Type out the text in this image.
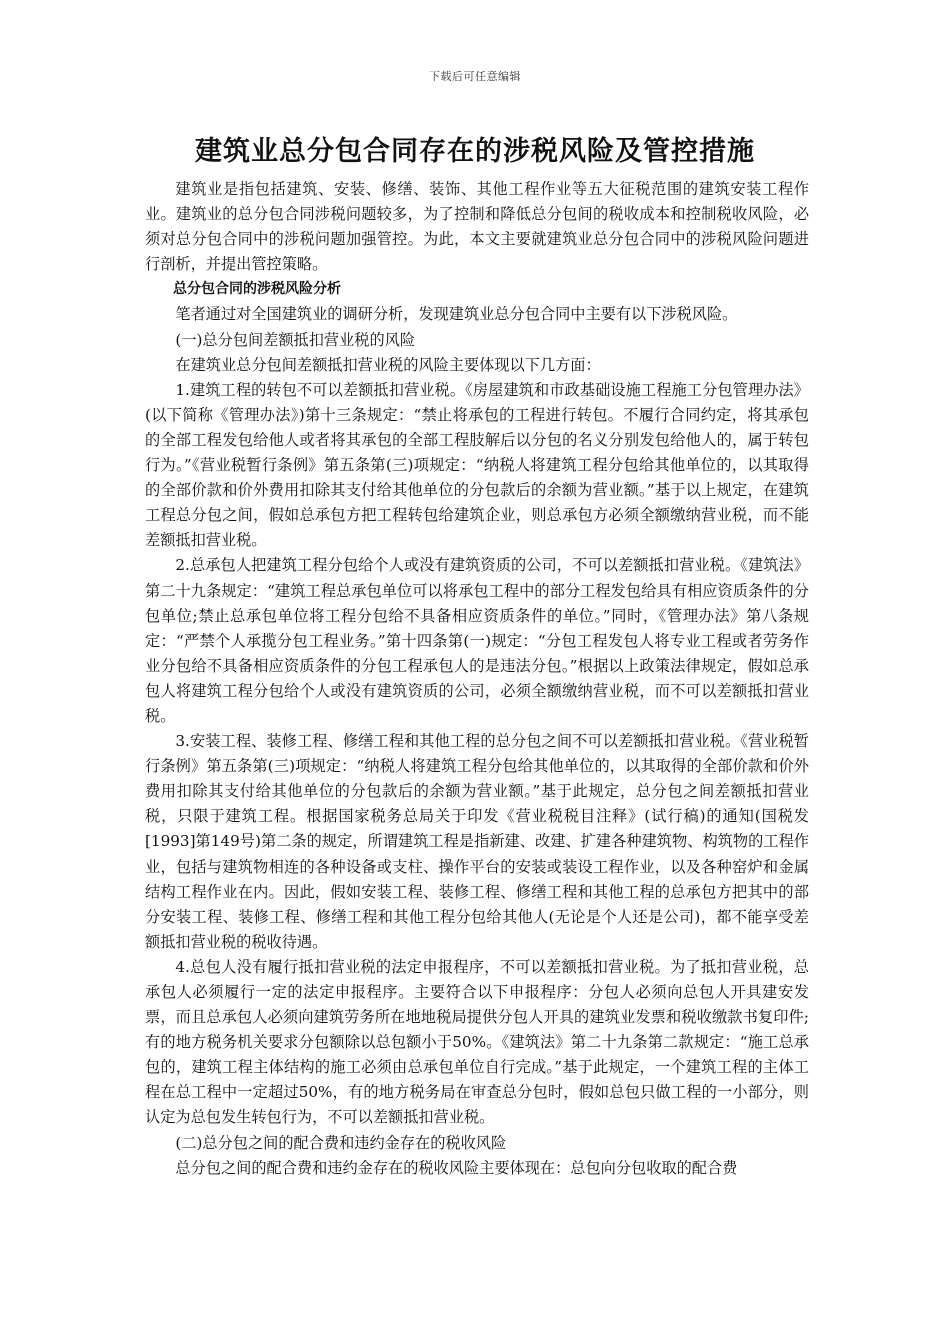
下载后可任意编辑
建筑业总分包合同存在的涉税风险及管控措施

建筑业是指包括建筑、安装、修缮、装饰、其他工程作业等五大征税范围的建筑安装工程作业。建筑业的总分包合同涉税问题较多，为了控制和降低总分包间的税收成本和控制税收风险，必须对总分包合同中的涉税问题加强管控。为此，本文主要就建筑业总分包合同中的涉税风险问题进行剖析，并提出管控策略。

总分包合同的涉税风险分析

笔者通过对全国建筑业的调研分析，发现建筑业总分包合同中主要有以下涉税风险。

(一)总分包间差额抵扣营业税的风险

在建筑业总分包间差额抵扣营业税的风险主要体现以下几方面：

1.建筑工程的转包不可以差额抵扣营业税。《房屋建筑和市政基础设施工程施工分包管理办法》(以下简称《管理办法》)第十三条规定：“禁止将承包的工程进行转包。不履行合同约定，将其承包的全部工程发包给他人或者将其承包的全部工程肢解后以分包的名义分别发包给他人的，属于转包行为。”《营业税暂行条例》第五条第(三)项规定：“纳税人将建筑工程分包给其他单位的，以其取得的全部价款和价外费用扣除其支付给其他单位的分包款后的余额为营业额。”基于以上规定，在建筑工程总分包之间，假如总承包方把工程转包给建筑企业，则总承包方必须全额缴纳营业税，而不能差额抵扣营业税。

2.总承包人把建筑工程分包给个人或没有建筑资质的公司，不可以差额抵扣营业税。《建筑法》第二十九条规定：“建筑工程总承包单位可以将承包工程中的部分工程发包给具有相应资质条件的分包单位;禁止总承包单位将工程分包给不具备相应资质条件的单位。”同时，《管理办法》第八条规定：“严禁个人承揽分包工程业务。”第十四条第(一)规定：“分包工程发包人将专业工程或者劳务作业分包给不具备相应资质条件的分包工程承包人的是违法分包。”根据以上政策法律规定，假如总承包人将建筑工程分包给个人或没有建筑资质的公司，必须全额缴纳营业税，而不可以差额抵扣营业税。

3.安装工程、装修工程、修缮工程和其他工程的总分包之间不可以差额抵扣营业税。《营业税暂行条例》第五条第(三)项规定：“纳税人将建筑工程分包给其他单位的，以其取得的全部价款和价外费用扣除其支付给其他单位的分包款后的余额为营业额。”基于此规定，总分包之间差额抵扣营业税，只限于建筑工程。根据国家税务总局关于印发《营业税税目注释》(试行稿)的通知(国税发[1993]第149号)第二条的规定，所谓建筑工程是指新建、改建、扩建各种建筑物、构筑物的工程作业，包括与建筑物相连的各种设备或支柱、操作平台的安装或装设工程作业，以及各种窑炉和金属结构工程作业在内。因此，假如安装工程、装修工程、修缮工程和其他工程的总承包方把其中的部分安装工程、装修工程、修缮工程和其他工程分包给其他人(无论是个人还是公司)，都不能享受差额抵扣营业税的税收待遇。

4.总包人没有履行抵扣营业税的法定申报程序，不可以差额抵扣营业税。为了抵扣营业税，总承包人必须履行一定的法定申报程序。主要符合以下申报程序：分包人必须向总包人开具建安发票，而且总承包人必须向建筑劳务所在地地税局提供分包人开具的建筑业发票和税收缴款书复印件;有的地方税务机关要求分包额除以总包额小于50%。《建筑法》第二十九条第二款规定：“施工总承包的，建筑工程主体结构的施工必须由总承包单位自行完成。”基于此规定，一个建筑工程的主体工程在总工程中一定超过50%，有的地方税务局在审查总分包时，假如总包只做工程的一小部分，则认定为总包发生转包行为，不可以差额抵扣营业税。

(二)总分包之间的配合费和违约金存在的税收风险

总分包之间的配合费和违约金存在的税收风险主要体现在：总包向分包收取的配合费
